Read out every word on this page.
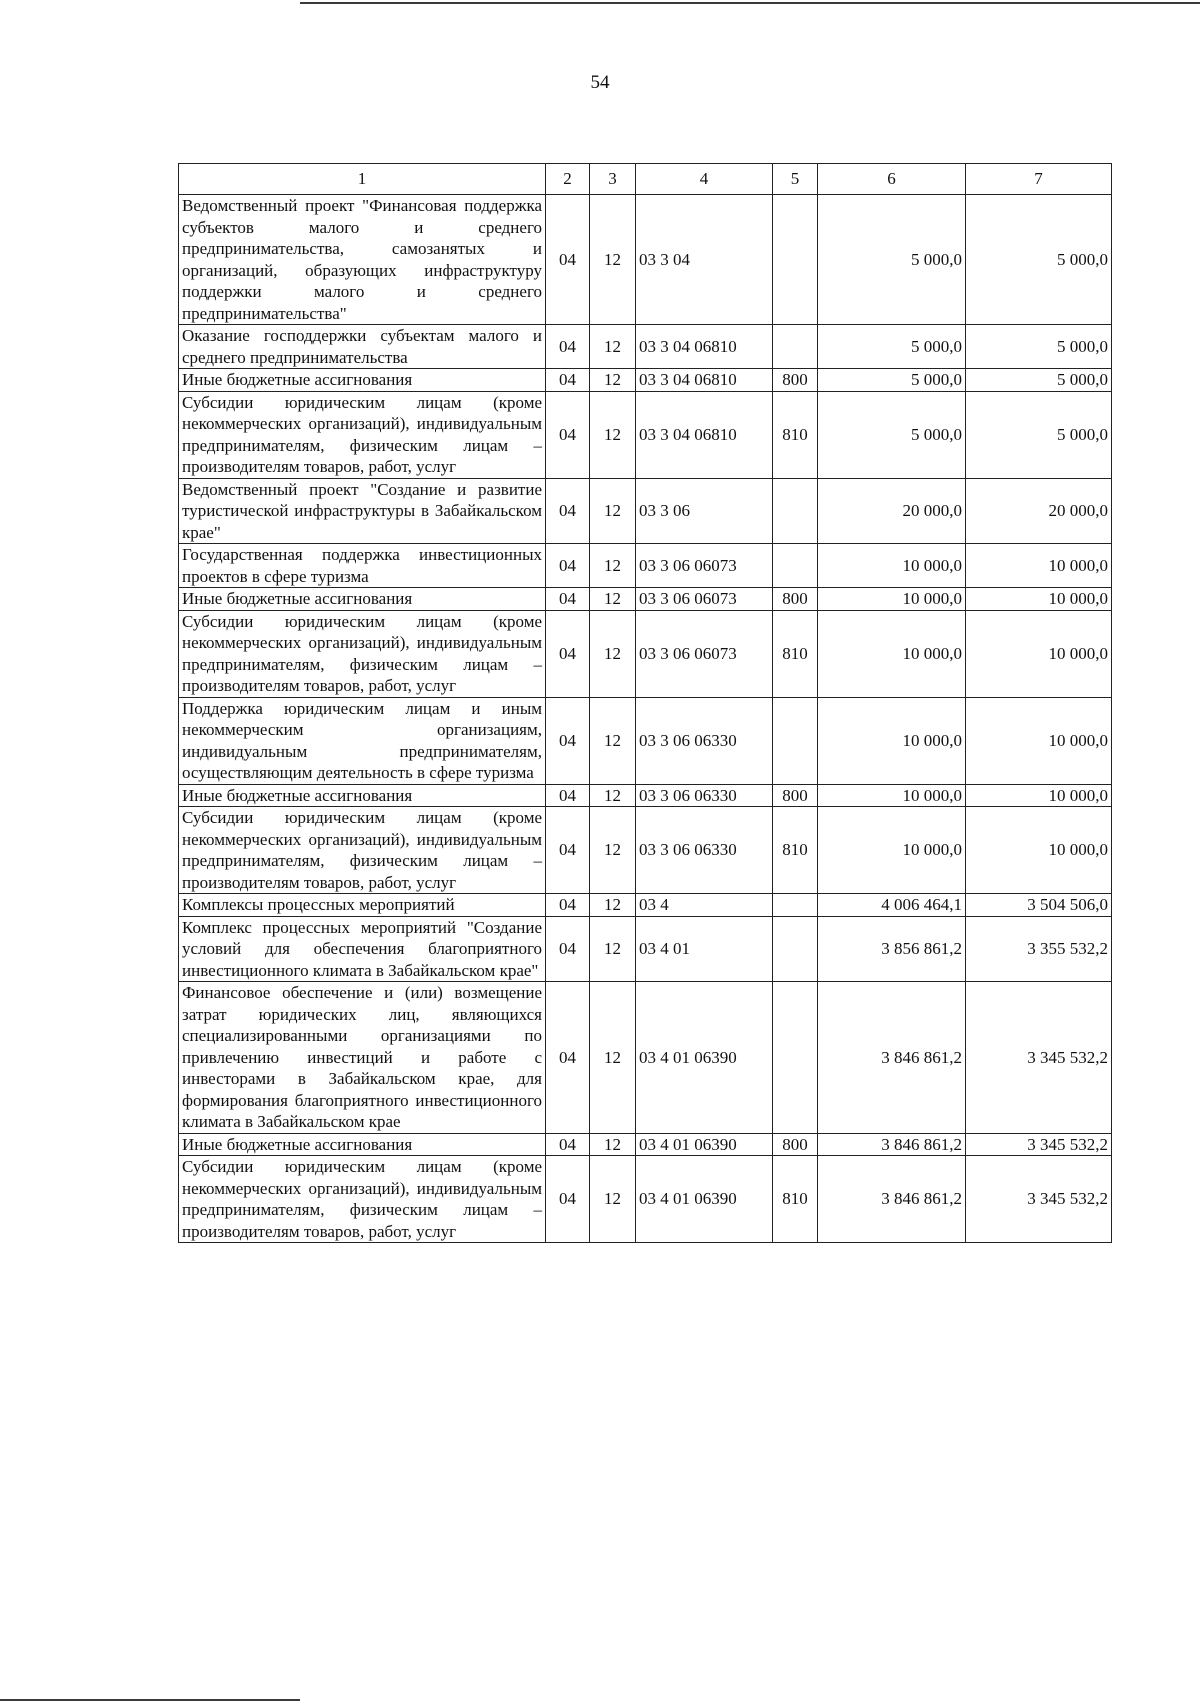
54
1	2	3	4	5	6	7
Ведомственный проект "Финансовая поддержка субъектов малого и среднего предпринимательства, самозанятых и организаций, образующих инфраструктуру поддержки малого и среднего предпринимательства"	04	12	03 3 04		5 000,0	5 000,0
Оказание господдержки субъектам малого и среднего предпринимательства	04	12	03 3 04 06810		5 000,0	5 000,0
Иные бюджетные ассигнования	04	12	03 3 04 06810	800	5 000,0	5 000,0
Субсидии юридическим лицам (кроме некоммерческих организаций), индивидуальным предпринимателям, физическим лицам – производителям товаров, работ, услуг	04	12	03 3 04 06810	810	5 000,0	5 000,0
Ведомственный проект "Создание и развитие туристической инфраструктуры в Забайкальском крае"	04	12	03 3 06		20 000,0	20 000,0
Государственная поддержка инвестиционных проектов в сфере туризма	04	12	03 3 06 06073		10 000,0	10 000,0
Иные бюджетные ассигнования	04	12	03 3 06 06073	800	10 000,0	10 000,0
Субсидии юридическим лицам (кроме некоммерческих организаций), индивидуальным предпринимателям, физическим лицам – производителям товаров, работ, услуг	04	12	03 3 06 06073	810	10 000,0	10 000,0
Поддержка юридическим лицам и иным некоммерческим организациям, индивидуальным предпринимателям, осуществляющим деятельность в сфере туризма	04	12	03 3 06 06330		10 000,0	10 000,0
Иные бюджетные ассигнования	04	12	03 3 06 06330	800	10 000,0	10 000,0
Субсидии юридическим лицам (кроме некоммерческих организаций), индивидуальным предпринимателям, физическим лицам – производителям товаров, работ, услуг	04	12	03 3 06 06330	810	10 000,0	10 000,0
Комплексы процессных мероприятий	04	12	03 4		4 006 464,1	3 504 506,0
Комплекс процессных мероприятий "Создание условий для обеспечения благоприятного инвестиционного климата в Забайкальском крае"	04	12	03 4 01		3 856 861,2	3 355 532,2
Финансовое обеспечение и (или) возмещение затрат юридических лиц, являющихся специализированными организациями по привлечению инвестиций и работе с инвесторами в Забайкальском крае, для формирования благоприятного инвестиционного климата в Забайкальском крае	04	12	03 4 01 06390		3 846 861,2	3 345 532,2
Иные бюджетные ассигнования	04	12	03 4 01 06390	800	3 846 861,2	3 345 532,2
Субсидии юридическим лицам (кроме некоммерческих организаций), индивидуальным предпринимателям, физическим лицам – производителям товаров, работ, услуг	04	12	03 4 01 06390	810	3 846 861,2	3 345 532,2
